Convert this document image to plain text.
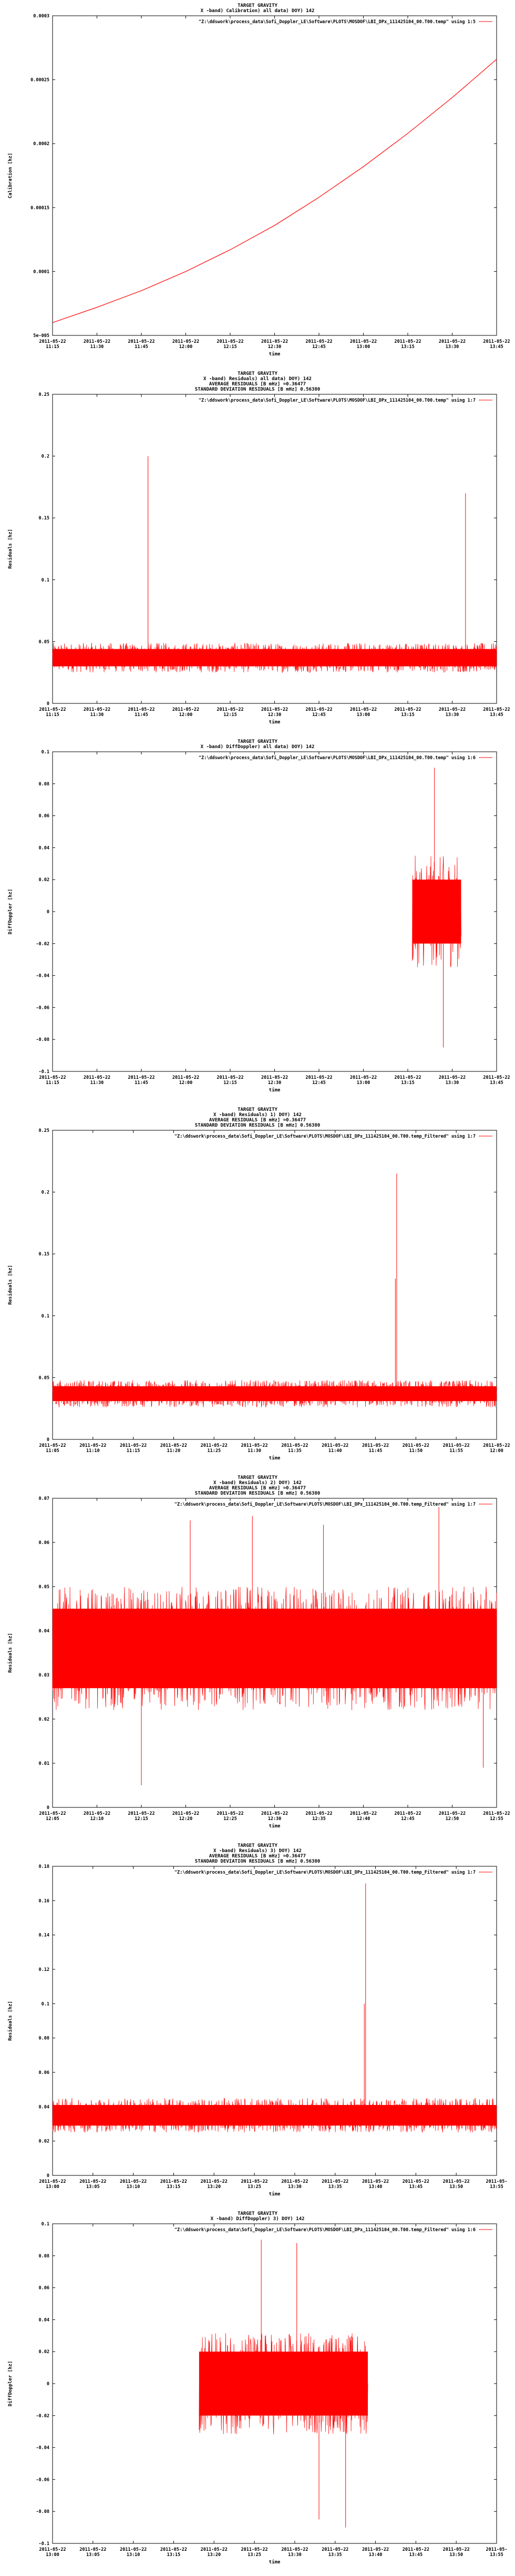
TARGET GRAVITY
X -band) Calibration) all data) DOY) 142
5e-005
0.0001
0.00015
0.0002
0.00025
0.0003
2011-05-22
11:15
2011-05-22
11:30
2011-05-22
11:45
2011-05-22
12:00
2011-05-22
12:15
2011-05-22
12:30
2011-05-22
12:45
2011-05-22
13:00
2011-05-22
13:15
2011-05-22
13:30
2011-05-22
13:45
time
Calibration [hz]
"Z:\ddswork\process_data\Sofi_Doppler_LE\Software\PLOTS\MOSDOF\LBI_DPx_111425104_00.T00.temp" using 1:5
TARGET GRAVITY
X -band) Residuals) all data) DOY) 142
AVERAGE RESIDUALS [B mHz] =0.36477
STANDARD DEVIATION RESIDUALS [B mHz] 0.56380
0
0.05
0.1
0.15
0.2
0.25
2011-05-22
11:15
2011-05-22
11:30
2011-05-22
11:45
2011-05-22
12:00
2011-05-22
12:15
2011-05-22
12:30
2011-05-22
12:45
2011-05-22
13:00
2011-05-22
13:15
2011-05-22
13:30
2011-05-22
13:45
time
Residuals [hz]
"Z:\ddswork\process_data\Sofi_Doppler_LE\Software\PLOTS\MOSDOF\LBI_DPx_111425104_00.T00.temp" using 1:7
TARGET GRAVITY
X -band) DiffDoppler) all data) DOY) 142
-0.1
-0.08
-0.06
-0.04
-0.02
0
0.02
0.04
0.06
0.08
0.1
2011-05-22
11:15
2011-05-22
11:30
2011-05-22
11:45
2011-05-22
12:00
2011-05-22
12:15
2011-05-22
12:30
2011-05-22
12:45
2011-05-22
13:00
2011-05-22
13:15
2011-05-22
13:30
2011-05-22
13:45
time
DiffDoppler [hz]
"Z:\ddswork\process_data\Sofi_Doppler_LE\Software\PLOTS\MOSDOF\LBI_DPx_111425104_00.T00.temp" using 1:6
TARGET GRAVITY
X -band) Residuals) 1) DOY) 142
AVERAGE RESIDUALS [B mHz] =0.36477
STANDARD DEVIATION RESIDUALS [B mHz] 0.56380
0
0.05
0.1
0.15
0.2
0.25
2011-05-22
11:05
2011-05-22
11:10
2011-05-22
11:15
2011-05-22
11:20
2011-05-22
11:25
2011-05-22
11:30
2011-05-22
11:35
2011-05-22
11:40
2011-05-22
11:45
2011-05-22
11:50
2011-05-22
11:55
2011-05-22
12:00
time
Residuals [hz]
"Z:\ddswork\process_data\Sofi_Doppler_LE\Software\PLOTS\MOSDOF\LBI_DPx_111425104_00.T00.temp_Filtered" using 1:7
TARGET GRAVITY
X -band) Residuals) 2) DOY) 142
AVERAGE RESIDUALS [B mHz] =0.36477
STANDARD DEVIATION RESIDUALS [B mHz] 0.56380
0
0.01
0.02
0.03
0.04
0.05
0.06
0.07
2011-05-22
12:05
2011-05-22
12:10
2011-05-22
12:15
2011-05-22
12:20
2011-05-22
12:25
2011-05-22
12:30
2011-05-22
12:35
2011-05-22
12:40
2011-05-22
12:45
2011-05-22
12:50
2011-05-22
12:55
time
Residuals [hz]
"Z:\ddswork\process_data\Sofi_Doppler_LE\Software\PLOTS\MOSDOF\LBI_DPx_111425104_00.T00.temp_Filtered" using 1:7
TARGET GRAVITY
X -band) Residuals) 3) DOY) 142
AVERAGE RESIDUALS [B mHz] =0.36477
STANDARD DEVIATION RESIDUALS [B mHz] 0.56380
0
0.02
0.04
0.06
0.08
0.1
0.12
0.14
0.16
0.18
2011-05-22
13:00
2011-05-22
13:05
2011-05-22
13:10
2011-05-22
13:15
2011-05-22
13:20
2011-05-22
13:25
2011-05-22
13:30
2011-05-22
13:35
2011-05-22
13:40
2011-05-22
13:45
2011-05-22
13:50
2011-05-
13:55
time
Residuals [hz]
"Z:\ddswork\process_data\Sofi_Doppler_LE\Software\PLOTS\MOSDOF\LBI_DPx_111425104_00.T00.temp_Filtered" using 1:7
TARGET GRAVITY
X -band) DiffDoppler) 3) DOY) 142
-0.1
-0.08
-0.06
-0.04
-0.02
0
0.02
0.04
0.06
0.08
0.1
2011-05-22
13:00
2011-05-22
13:05
2011-05-22
13:10
2011-05-22
13:15
2011-05-22
13:20
2011-05-22
13:25
2011-05-22
13:30
2011-05-22
13:35
2011-05-22
13:40
2011-05-22
13:45
2011-05-22
13:50
2011-05-
13:55
time
DiffDoppler [hz]
"Z:\ddswork\process_data\Sofi_Doppler_LE\Software\PLOTS\MOSDOF\LBI_DPx_111425104_00.T00.temp_Filtered" using 1:6
